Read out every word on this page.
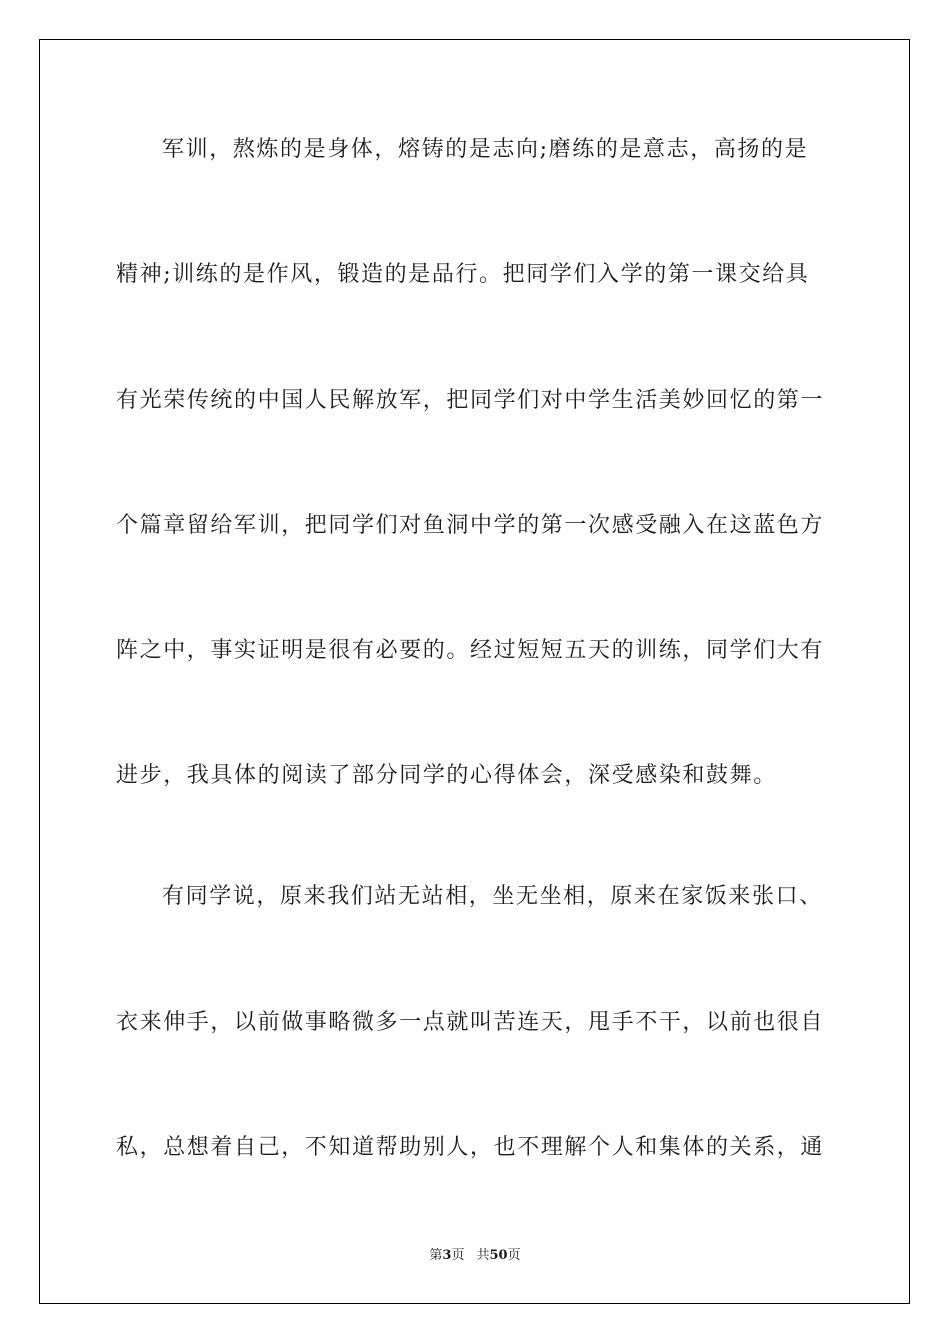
军训，熬炼的是身体，熔铸的是志向;磨练的是意志，高扬的是
精神;训练的是作风，锻造的是品行。把同学们入学的第一课交给具
有光荣传统的中国人民解放军，把同学们对中学生活美妙回忆的第一
个篇章留给军训，把同学们对鱼洞中学的第一次感受融入在这蓝色方
阵之中，事实证明是很有必要的。经过短短五天的训练，同学们大有
进步，我具体的阅读了部分同学的心得体会，深受感染和鼓舞。
有同学说，原来我们站无站相，坐无坐相，原来在家饭来张口、
衣来伸手，以前做事略微多一点就叫苦连天，甩手不干，以前也很自
私，总想着自己，不知道帮助别人，也不理解个人和集体的关系，通
第3页 共50页
